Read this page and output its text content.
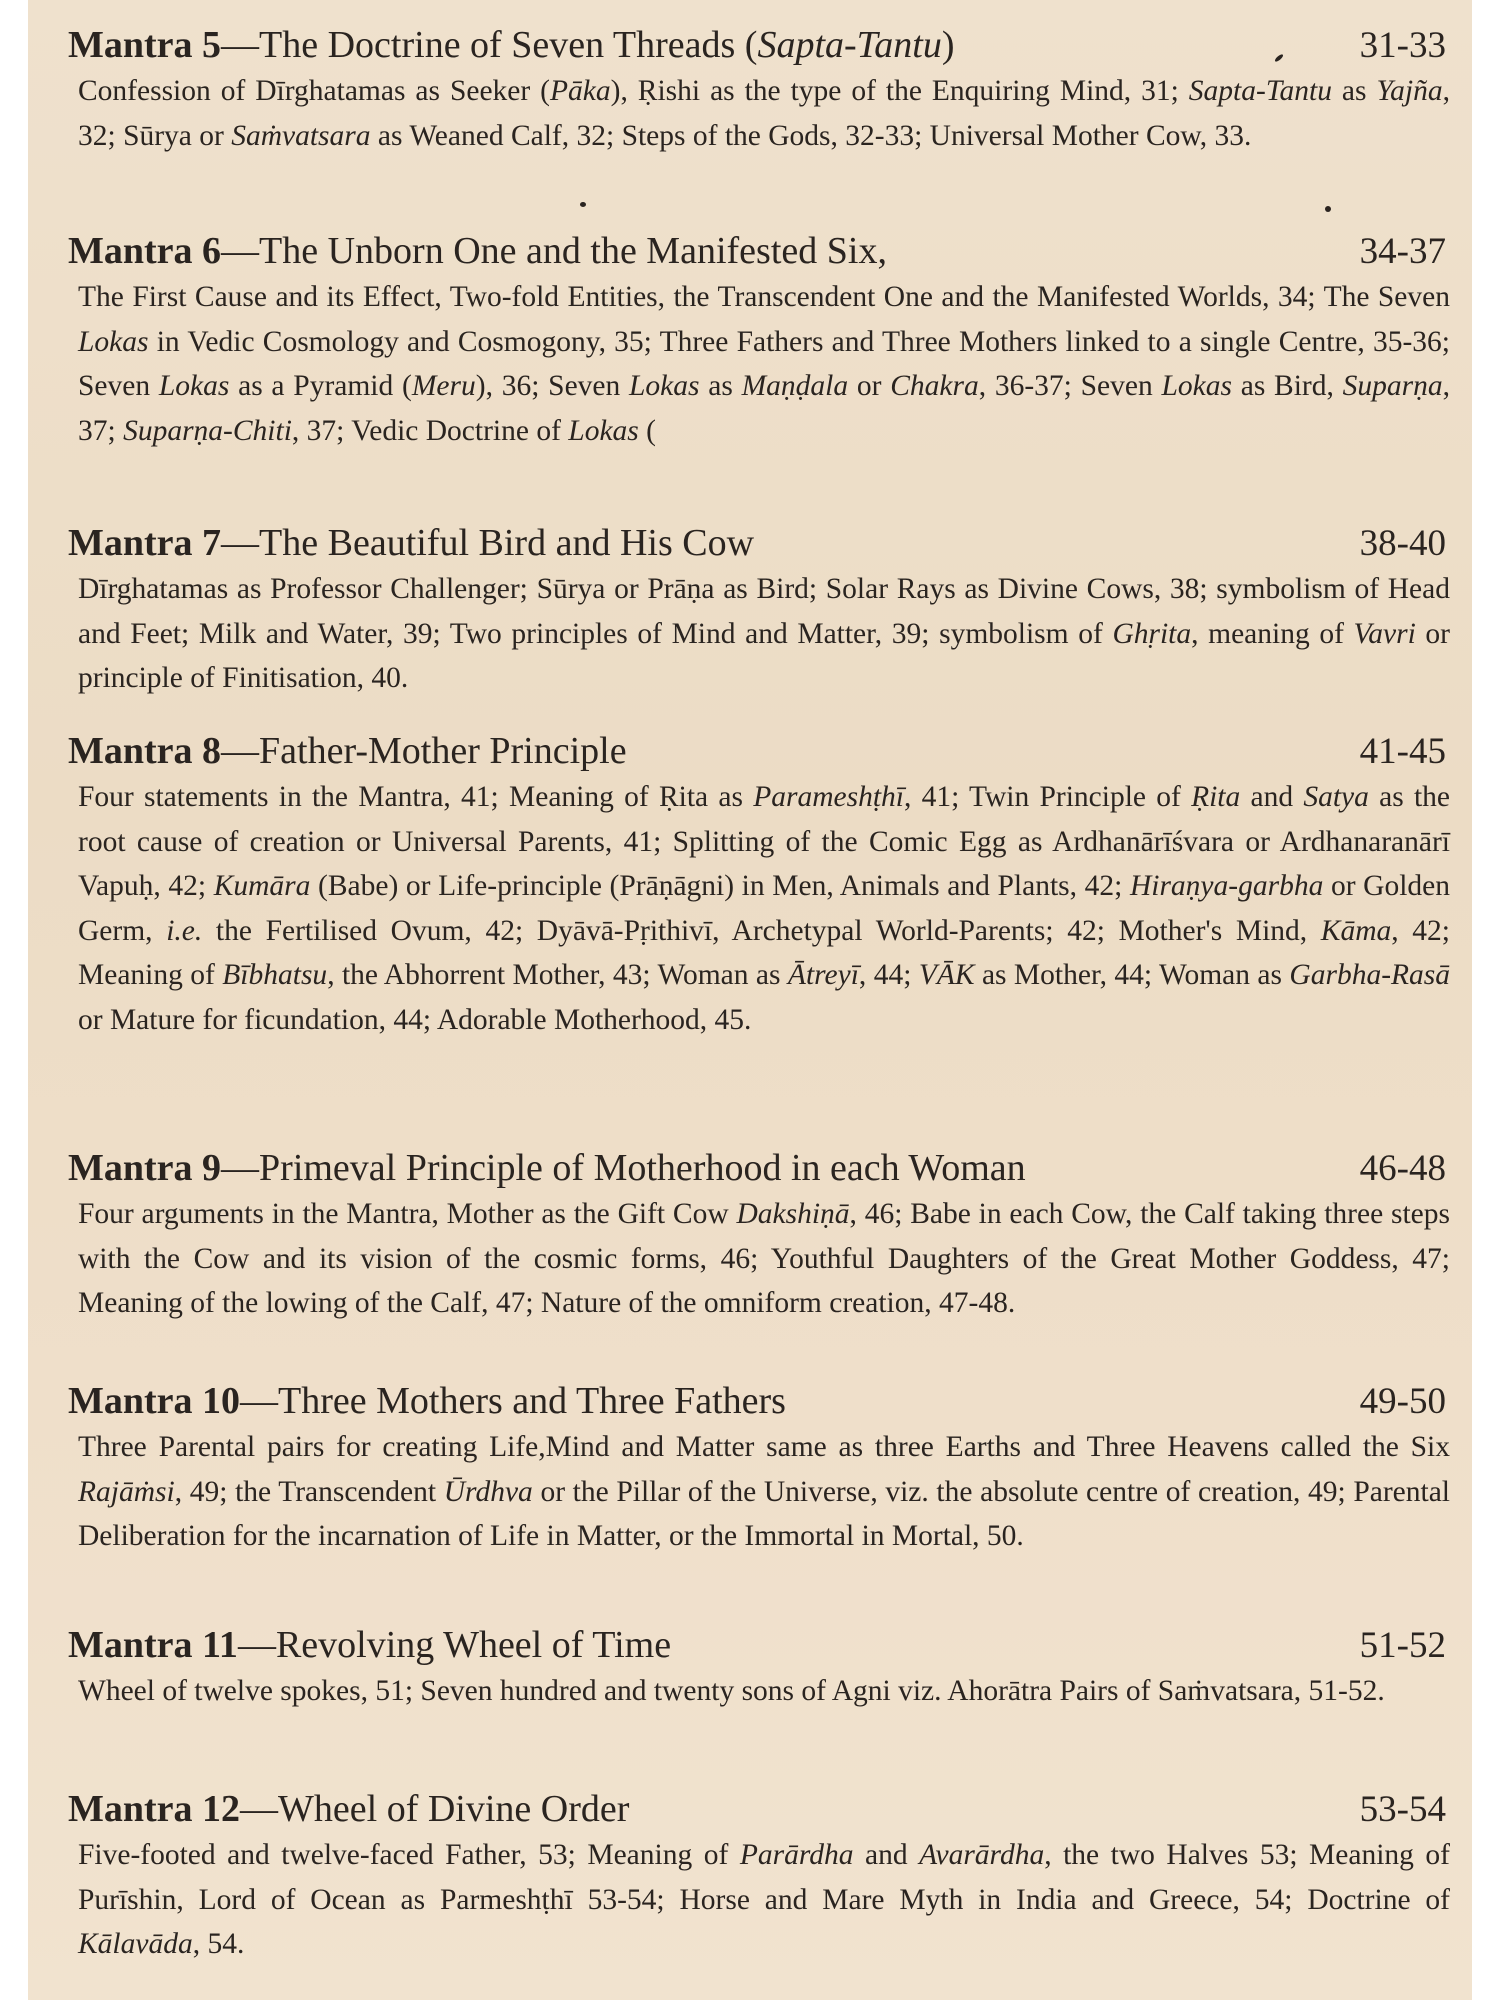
Mantra 5—The Doctrine of Seven Threads (Sapta-Tantu)	31-33

Confession of Dīrghatamas as Seeker (Pāka), Ṛishi as the type of the Enquiring Mind, 31; Sapta-Tantu as Yajña, 32; Sūrya or Saṁvatsara as Weaned Calf, 32; Steps of the Gods, 32-33; Universal Mother Cow, 33.

Mantra 6—The Unborn One and the Manifested Six,	34-37

The First Cause and its Effect, Two-fold Entities, the Transcendent One and the Manifested Worlds, 34; The Seven Lokas in Vedic Cosmology and Cosmogony, 35; Three Fathers and Three Mothers linked to a single Centre, 35-36; Seven Lokas as a Pyramid (Meru), 36; Seven Lokas as Maṇḍala or Chakra, 36-37; Seven Lokas as Bird, Suparṇa, 37; Suparṇa-Chiti, 37; Vedic Doctrine of Lokas (

Mantra 7—The Beautiful Bird and His Cow	38-40

Dīrghatamas as Professor Challenger; Sūrya or Prāṇa as Bird; Solar Rays as Divine Cows, 38; symbolism of Head and Feet; Milk and Water, 39; Two principles of Mind and Matter, 39; symbolism of Ghṛita, meaning of Vavri or principle of Finitisation, 40.

Mantra 8—Father-Mother Principle	41-45

Four statements in the Mantra, 41; Meaning of Ṛita as Parameshṭhī, 41; Twin Principle of Ṛita and Satya as the root cause of creation or Universal Parents, 41; Splitting of the Comic Egg as Ardhanārīśvara or Ardhanaranārī Vapuḥ, 42; Kumāra (Babe) or Life-principle (Prāṇāgni) in Men, Animals and Plants, 42; Hiraṇya-garbha or Golden Germ, i.e. the Fertilised Ovum, 42; Dyāvā-Pṛithivī, Archetypal World-Parents; 42; Mother's Mind, Kāma, 42; Meaning of Bībhatsu, the Abhorrent Mother, 43; Woman as Ātreyī, 44; VĀK as Mother, 44; Woman as Garbha-Rasā or Mature for ficundation, 44; Adorable Motherhood, 45.

Mantra 9—Primeval Principle of Motherhood in each Woman	46-48

Four arguments in the Mantra, Mother as the Gift Cow Dakshiṇā, 46; Babe in each Cow, the Calf taking three steps with the Cow and its vision of the cosmic forms, 46; Youthful Daughters of the Great Mother Goddess, 47; Meaning of the lowing of the Calf, 47; Nature of the omniform creation, 47-48.

Mantra 10—Three Mothers and Three Fathers	49-50

Three Parental pairs for creating Life,Mind and Matter same as three Earths and Three Heavens called the Six Rajāṁsi, 49; the Transcendent Ūrdhva or the Pillar of the Universe, viz. the absolute centre of creation, 49; Parental Deliberation for the incarnation of Life in Matter, or the Immortal in Mortal, 50.

Mantra 11—Revolving Wheel of Time	51-52

Wheel of twelve spokes, 51; Seven hundred and twenty sons of Agni viz. Ahorātra Pairs of Saṁvatsara, 51-52.

Mantra 12—Wheel of Divine Order	53-54

Five-footed and twelve-faced Father, 53; Meaning of Parārdha and Avarārdha, the two Halves 53; Meaning of Purīshin, Lord of Ocean as Parmeshṭhī 53-54; Horse and Mare Myth in India and Greece, 54; Doctrine of Kālavāda, 54.
